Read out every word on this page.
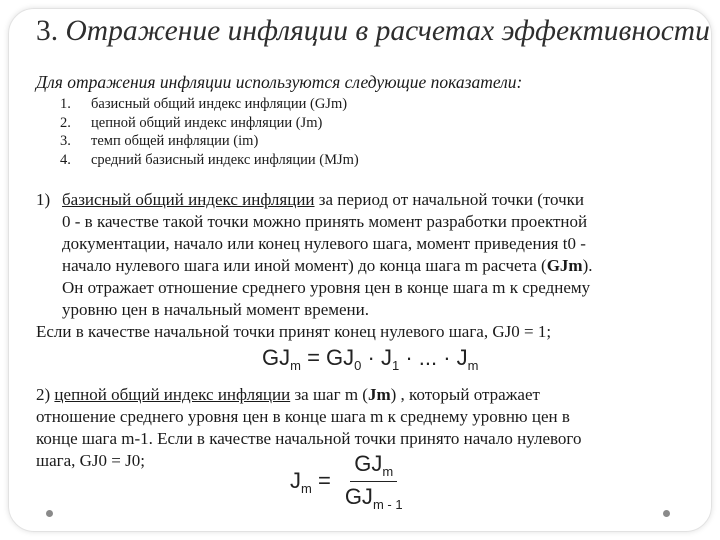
3. Отражение инфляции в расчетах эффективности

Для отражения инфляции используются следующие показатели:

1.	базисный общий индекс инфляции (GJm)
2.	цепной общий индекс инфляции (Jm)
3.	темп общей инфляции (im)
4.	средний базисный индекс инфляции (MJm)
1) базисный общий индекс инфляции за период от начальной точки (точки
0 - в качестве такой точки можно принять момент разработки проектной
документации, начало или конец нулевого шага, момент приведения t0 -
начало нулевого шага или иной момент) до конца шага m расчета (GJm).
Он отражает отношение среднего уровня цен в конце шага m к среднему
уровню цен в начальный момент времени.
Если в качестве начальной точки принят конец нулевого шага, GJ0 = 1;
$GJ_m = GJ_0 \cdot J_1$ · ... · $J_m$
2) цепной общий индекс инфляции за шаг m (Jm) , который отражает
отношение среднего уровня цен в конце шага m к среднему уровню цен в
конце шага m-1. Если в качестве начальной точки принято начало нулевого
шага, GJ0 = J0;
$J_m = \frac{GJ_m}{GJ_{m - 1}}$
